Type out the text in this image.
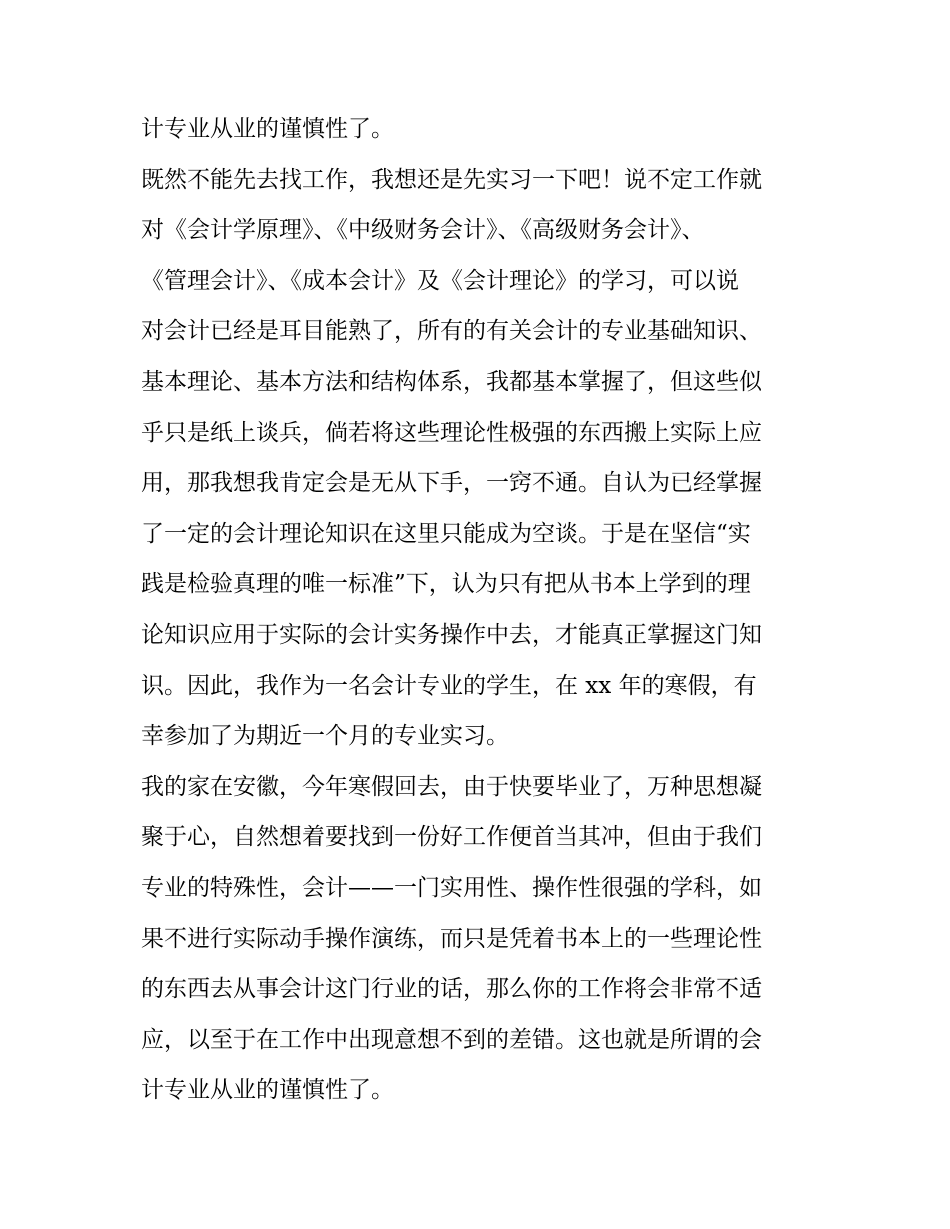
计专业从业的谨慎性了。
既然不能先去找工作，我想还是先实习一下吧！说不定工作就
对《会计学原理》、《中级财务会计》、《高级财务会计》、
《管理会计》、《成本会计》及《会计理论》的学习，可以说
对会计已经是耳目能熟了，所有的有关会计的专业基础知识、
基本理论、基本方法和结构体系，我都基本掌握了，但这些似
乎只是纸上谈兵，倘若将这些理论性极强的东西搬上实际上应
用，那我想我肯定会是无从下手，一窍不通。自认为已经掌握
了一定的会计理论知识在这里只能成为空谈。于是在坚信“实
践是检验真理的唯一标准”下，认为只有把从书本上学到的理
论知识应用于实际的会计实务操作中去，才能真正掌握这门知
识。因此，我作为一名会计专业的学生，在 xx 年的寒假，有
幸参加了为期近一个月的专业实习。
我的家在安徽，今年寒假回去，由于快要毕业了，万种思想凝
聚于心，自然想着要找到一份好工作便首当其冲，但由于我们
专业的特殊性，会计——一门实用性、操作性很强的学科，如
果不进行实际动手操作演练，而只是凭着书本上的一些理论性
的东西去从事会计这门行业的话，那么你的工作将会非常不适
应，以至于在工作中出现意想不到的差错。这也就是所谓的会
计专业从业的谨慎性了。
